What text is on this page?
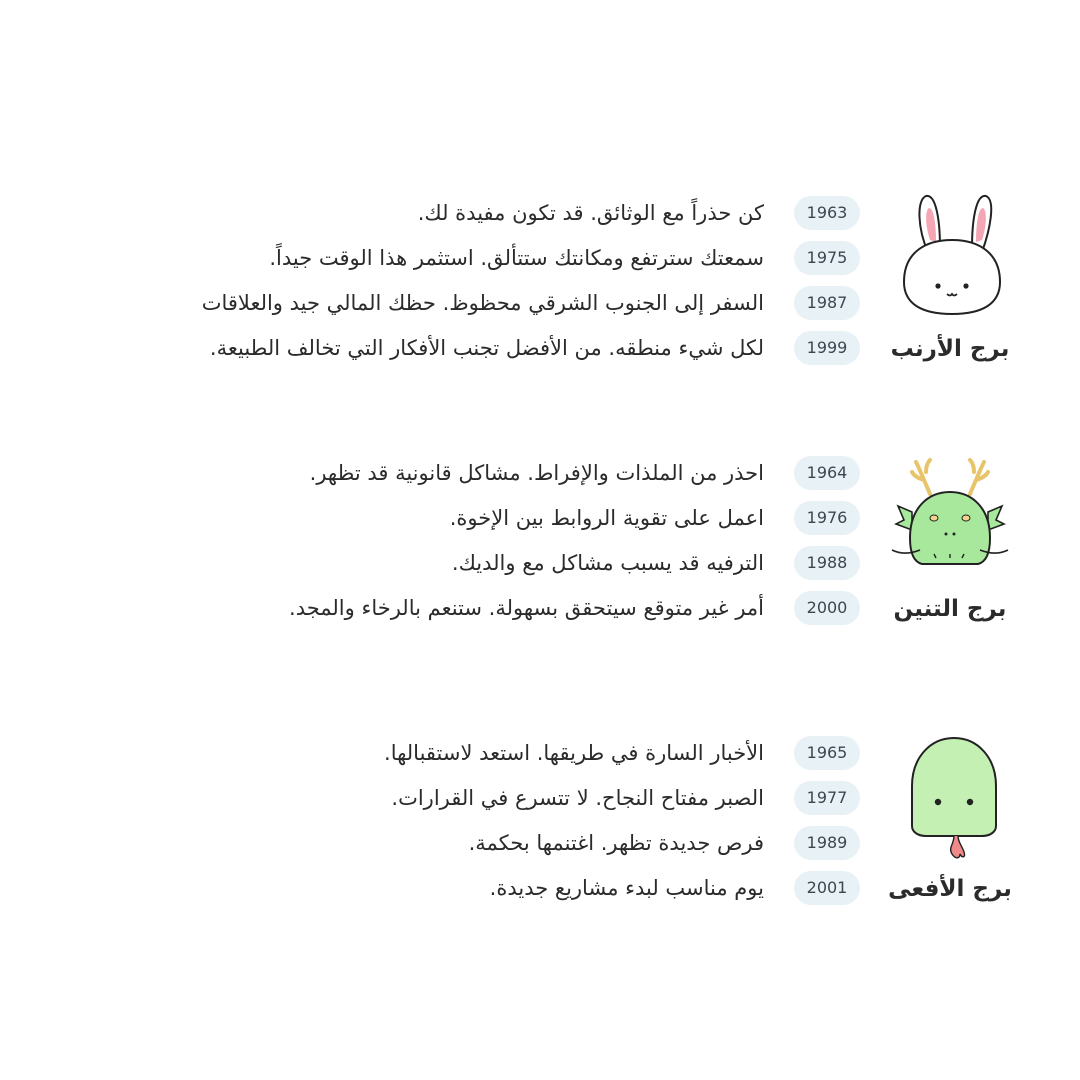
برج الأرنب
1963
كن حذراً مع الوثائق. قد تكون مفيدة لك.
1975
سمعتك سترتفع ومكانتك ستتألق. استثمر هذا الوقت جيداً.
1987
السفر إلى الجنوب الشرقي محظوظ. حظك المالي جيد والعلاقات
1999
لكل شيء منطقه. من الأفضل تجنب الأفكار التي تخالف الطبيعة.
برج التنين
1964
احذر من الملذات والإفراط. مشاكل قانونية قد تظهر.
1976
اعمل على تقوية الروابط بين الإخوة.
1988
الترفيه قد يسبب مشاكل مع والديك.
2000
أمر غير متوقع سيتحقق بسهولة. ستنعم بالرخاء والمجد.
برج الأفعى
1965
الأخبار السارة في طريقها. استعد لاستقبالها.
1977
الصبر مفتاح النجاح. لا تتسرع في القرارات.
1989
فرص جديدة تظهر. اغتنمها بحكمة.
2001
يوم مناسب لبدء مشاريع جديدة.
